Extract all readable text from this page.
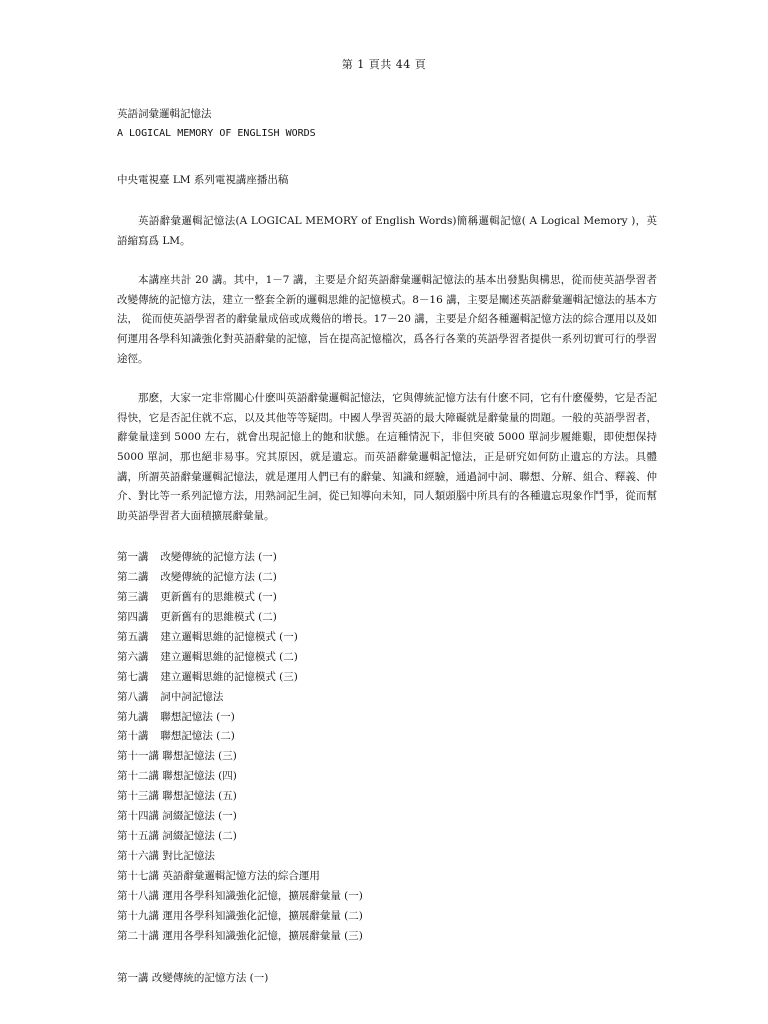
第 1 頁共 44 頁

英語詞彙邏輯記憶法

A LOGICAL MEMORY OF ENGLISH WORDS

中央電視臺 LM 系列電視講座播出稿

英語辭彙邏輯記憶法(A LOGICAL MEMORY of English Words)簡稱邏輯記憶( A Logical Memory )，英語縮寫爲 LM。

本講座共計 20 講。其中，1－7 講，主要是介紹英語辭彙邏輯記憶法的基本出發點與構思，從而使英語學習者改變傳統的記憶方法，建立一整套全新的邏輯思維的記憶模式。8－16 講，主要是闡述英語辭彙邏輯記憶法的基本方法， 從而使英語學習者的辭彙量成倍或成幾倍的增長。17－20 講，主要是介紹各種邏輯記憶方法的綜合運用以及如何運用各學科知識強化對英語辭彙的記憶，旨在提高記憶檔次，爲各行各業的英語學習者提供一系列切實可行的學習途徑。

那麽，大家一定非常關心什麽叫英語辭彙邏輯記憶法，它與傳統記憶方法有什麽不同，它有什麽優勢，它是否記得快，它是否記住就不忘，以及其他等等疑問。中國人學習英語的最大障礙就是辭彙量的問題。一般的英語學習者，辭彙量達到 5000 左右，就會出現記憶上的飽和狀態。在這種情況下，非但突破 5000 單詞步履維艱，即使想保持 5000 單詞，那也絕非易事。究其原因，就是遺忘。而英語辭彙邏輯記憶法，正是研究如何防止遺忘的方法。具體講，所謂英語辭彙邏輯記憶法，就是運用人們已有的辭彙、知識和經驗，通過詞中詞、聯想、分解、組合、釋義、仲介、對比等一系列記憶方法，用熟詞記生詞，從已知導向未知，同人類頭腦中所具有的各種遺忘現象作鬥爭，從而幫助英語學習者大面積擴展辭彙量。

第一講 改變傳統的記憶方法 (一)
第二講 改變傳統的記憶方法 (二)
第三講 更新舊有的思維模式 (一)
第四講 更新舊有的思維模式 (二)
第五講 建立邏輯思維的記憶模式 (一)
第六講 建立邏輯思維的記憶模式 (二)
第七講 建立邏輯思維的記憶模式 (三)
第八講 詞中詞記憶法
第九講 聯想記憶法 (一)
第十講 聯想記憶法 (二)
第十一講 聯想記憶法 (三)
第十二講 聯想記憶法 (四)
第十三講 聯想記憶法 (五)
第十四講 詞綴記憶法 (一)
第十五講 詞綴記憶法 (二)
第十六講 對比記憶法
第十七講 英語辭彙邏輯記憶方法的綜合運用
第十八講 運用各學科知識強化記憶，擴展辭彙量 (一)
第十九講 運用各學科知識強化記憶，擴展辭彙量 (二)
第二十講 運用各學科知識強化記憶，擴展辭彙量 (三)

第一講 改變傳統的記憶方法 (一)
